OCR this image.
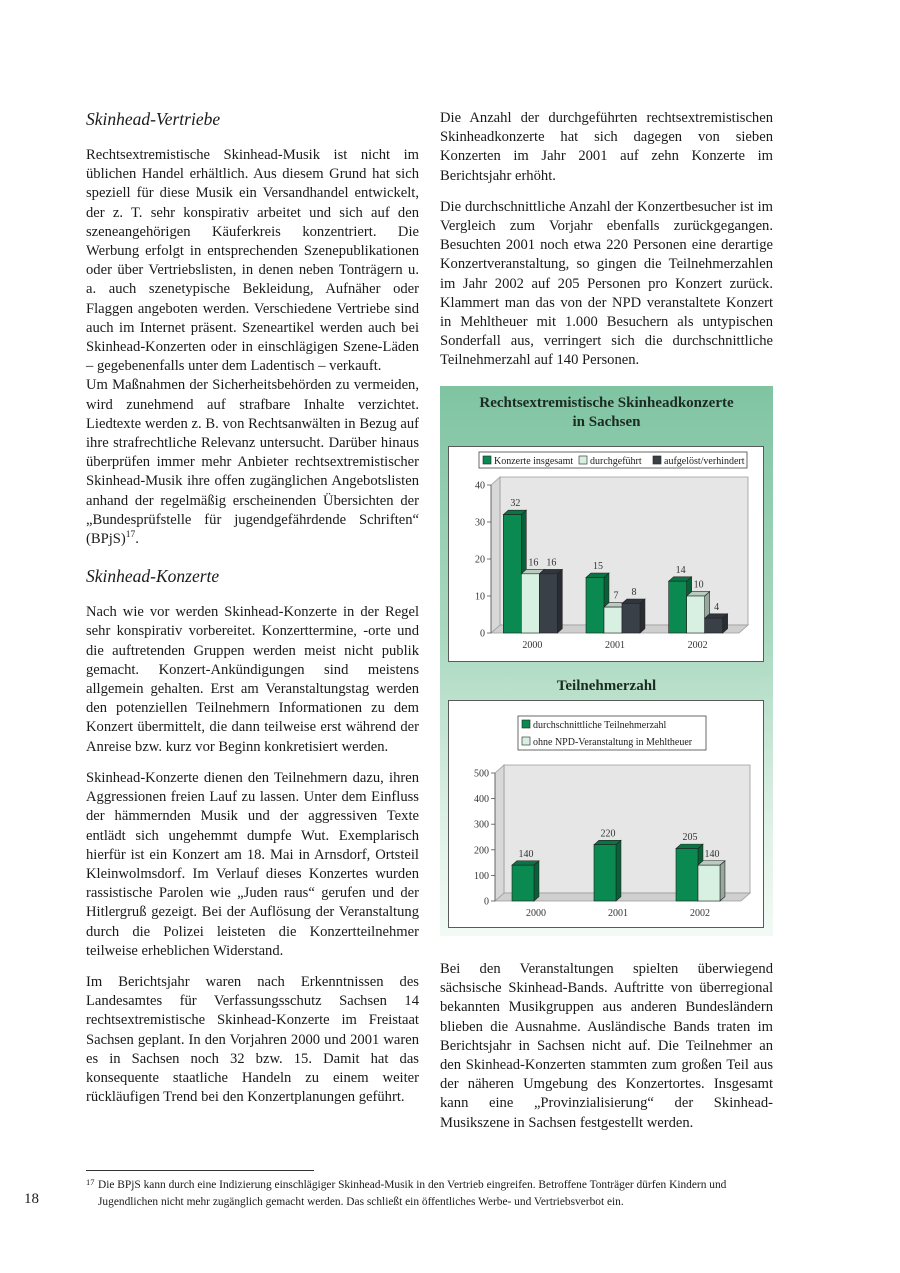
Skinhead-Vertriebe

Rechtsextremistische Skinhead-Musik ist nicht im üblichen Handel erhältlich. Aus diesem Grund hat sich speziell für diese Musik ein Versandhandel entwickelt, der z. T. sehr konspirativ arbeitet und sich auf den szeneangehörigen Käuferkreis konzentriert. Die Werbung erfolgt in entsprechenden Szenepublikationen oder über Vertriebslisten, in denen neben Tonträgern u. a. auch szenetypische Bekleidung, Aufnäher oder Flaggen angeboten werden. Verschiedene Vertriebe sind auch im Internet präsent. Szeneartikel werden auch bei Skinhead-Konzerten oder in einschlägigen Szene-Läden – gegebenenfalls unter dem Ladentisch – verkauft.

Um Maßnahmen der Sicherheitsbehörden zu vermeiden, wird zunehmend auf strafbare Inhalte verzichtet. Liedtexte werden z. B. von Rechtsanwälten in Bezug auf ihre strafrechtliche Relevanz untersucht. Darüber hinaus überprüfen immer mehr Anbieter rechtsextremistischer Skinhead-Musik ihre offen zugänglichen Angebotslisten anhand der regelmäßig erscheinenden Übersichten der „Bundesprüfstelle für jugendgefährdende Schriften“ (BPjS)$^{17}$.

Skinhead-Konzerte

Nach wie vor werden Skinhead-Konzerte in der Regel sehr konspirativ vorbereitet. Konzerttermine, -orte und die auftretenden Gruppen werden meist nicht publik gemacht. Konzert-Ankündigungen sind meistens allgemein gehalten. Erst am Veranstaltungstag werden den potenziellen Teilnehmern Informationen zu dem Konzert übermittelt, die dann teilweise erst während der Anreise bzw. kurz vor Beginn konkretisiert werden.

Skinhead-Konzerte dienen den Teilnehmern dazu, ihren Aggressionen freien Lauf zu lassen. Unter dem Einfluss der hämmernden Musik und der aggressiven Texte entlädt sich ungehemmt dumpfe Wut. Exemplarisch hierfür ist ein Konzert am 18. Mai in Arnsdorf, Ortsteil Kleinwolmsdorf. Im Verlauf dieses Konzertes wurden rassistische Parolen wie „Juden raus“ gerufen und der Hitlergruß gezeigt. Bei der Auflösung der Veranstaltung durch die Polizei leisteten die Konzertteilnehmer teilweise erheblichen Widerstand.

Im Berichtsjahr waren nach Erkenntnissen des Landesamtes für Verfassungsschutz Sachsen 14 rechtsextremistische Skinhead-Konzerte im Freistaat Sachsen geplant. In den Vorjahren 2000 und 2001 waren es in Sachsen noch 32 bzw. 15. Damit hat das konsequente staatliche Handeln zu einem weiter rückläufigen Trend bei den Konzertplanungen geführt.

Die Anzahl der durchgeführten rechtsextremistischen Skinheadkonzerte hat sich dagegen von sieben Konzerten im Jahr 2001 auf zehn Konzerte im Berichtsjahr erhöht.

Die durchschnittliche Anzahl der Konzertbesucher ist im Vergleich zum Vorjahr ebenfalls zurückgegangen. Besuchten 2001 noch etwa 220 Personen eine derartige Konzertveranstaltung, so gingen die Teilnehmerzahlen im Jahr 2002 auf 205 Personen pro Konzert zurück. Klammert man das von der NPD veranstaltete Konzert in Mehltheuer mit 1.000 Besuchern als untypischen Sonderfall aus, verringert sich die durchschnittliche Teilnehmerzahl auf 140 Personen.

Rechtsextremistische Skinheadkonzerte
in Sachsen
0
10
20
30
40
2000
32
16 16
2001
15
7 8
2002
14
10
4
Konzerte insgesamt durchgeführt aufgelöst/verhindert
Teilnehmerzahl
0
100
200
300
400
500
2000
140
2001
220
2002
205
140
durchschnittliche Teilnehmerzahl
ohne NPD-Veranstaltung in Mehltheuer

Bei den Veranstaltungen spielten überwiegend sächsische Skinhead-Bands. Auftritte von überregional bekannten Musikgruppen aus anderen Bundesländern blieben die Ausnahme. Ausländische Bands traten im Berichtsjahr in Sachsen nicht auf. Die Teilnehmer an den Skinhead-Konzerten stammten zum großen Teil aus der näheren Umgebung des Konzertortes. Insgesamt kann eine „Provinzialisierung“ der Skinhead-Musikszene in Sachsen festgestellt werden.

17 Die BPjS kann durch eine Indizierung einschlägiger Skinhead-Musik in den Vertrieb eingreifen. Betroffene Tonträger dürfen Kindern und Jugendlichen nicht mehr zugänglich gemacht werden. Das schließt ein öffentliches Werbe- und Vertriebsverbot ein.
18
